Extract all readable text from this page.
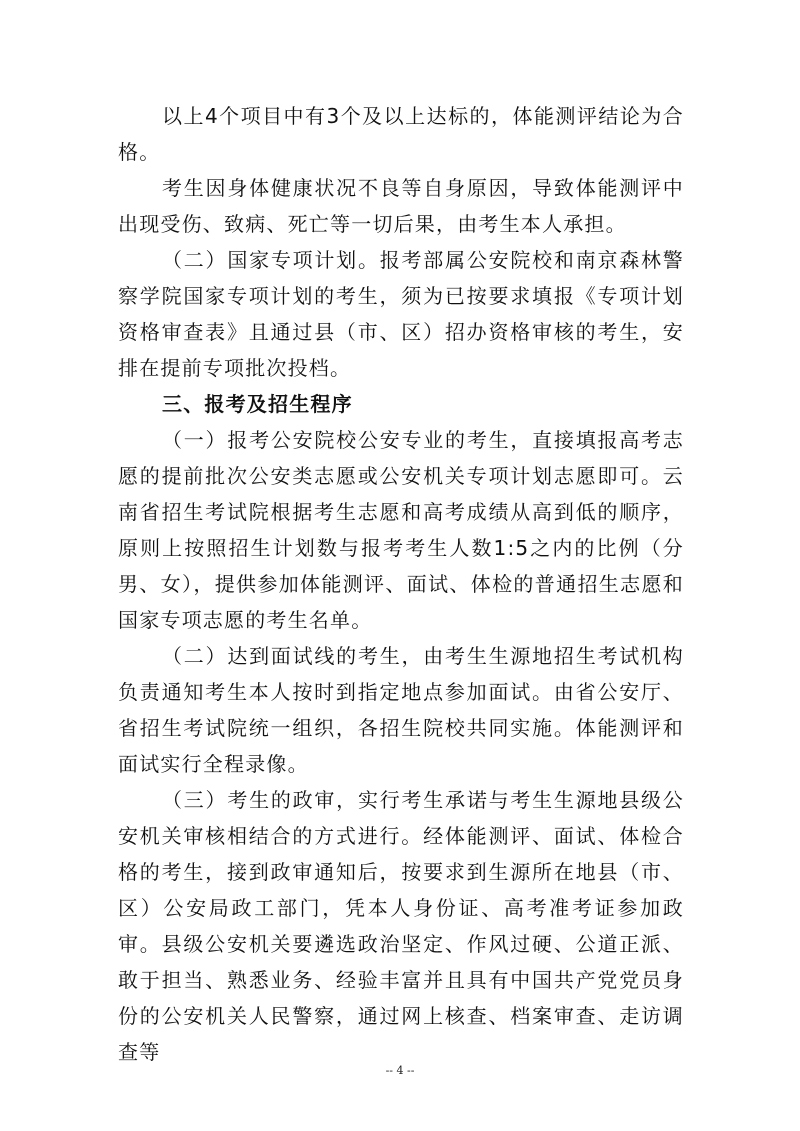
以上4个项目中有3个及以上达标的，体能测评结论为合格。

考生因身体健康状况不良等自身原因，导致体能测评中出现受伤、致病、死亡等一切后果，由考生本人承担。

（二）国家专项计划。报考部属公安院校和南京森林警察学院国家专项计划的考生，须为已按要求填报《专项计划资格审查表》且通过县（市、区）招办资格审核的考生，安排在提前专项批次投档。

三、报考及招生程序

（一）报考公安院校公安专业的考生，直接填报高考志愿的提前批次公安类志愿或公安机关专项计划志愿即可。云南省招生考试院根据考生志愿和高考成绩从高到低的顺序，原则上按照招生计划数与报考考生人数1:5之内的比例（分男、女），提供参加体能测评、面试、体检的普通招生志愿和国家专项志愿的考生名单。

（二）达到面试线的考生，由考生生源地招生考试机构负责通知考生本人按时到指定地点参加面试。由省公安厅、省招生考试院统一组织，各招生院校共同实施。体能测评和面试实行全程录像。

（三）考生的政审，实行考生承诺与考生生源地县级公安机关审核相结合的方式进行。经体能测评、面试、体检合格的考生，接到政审通知后，按要求到生源所在地县（市、区）公安局政工部门，凭本人身份证、高考准考证参加政审。县级公安机关要遴选政治坚定、作风过硬、公道正派、敢于担当、熟悉业务、经验丰富并且具有中国共产党党员身份的公安机关人民警察，通过网上核查、档案审查、走访调查等

-- 4 --
